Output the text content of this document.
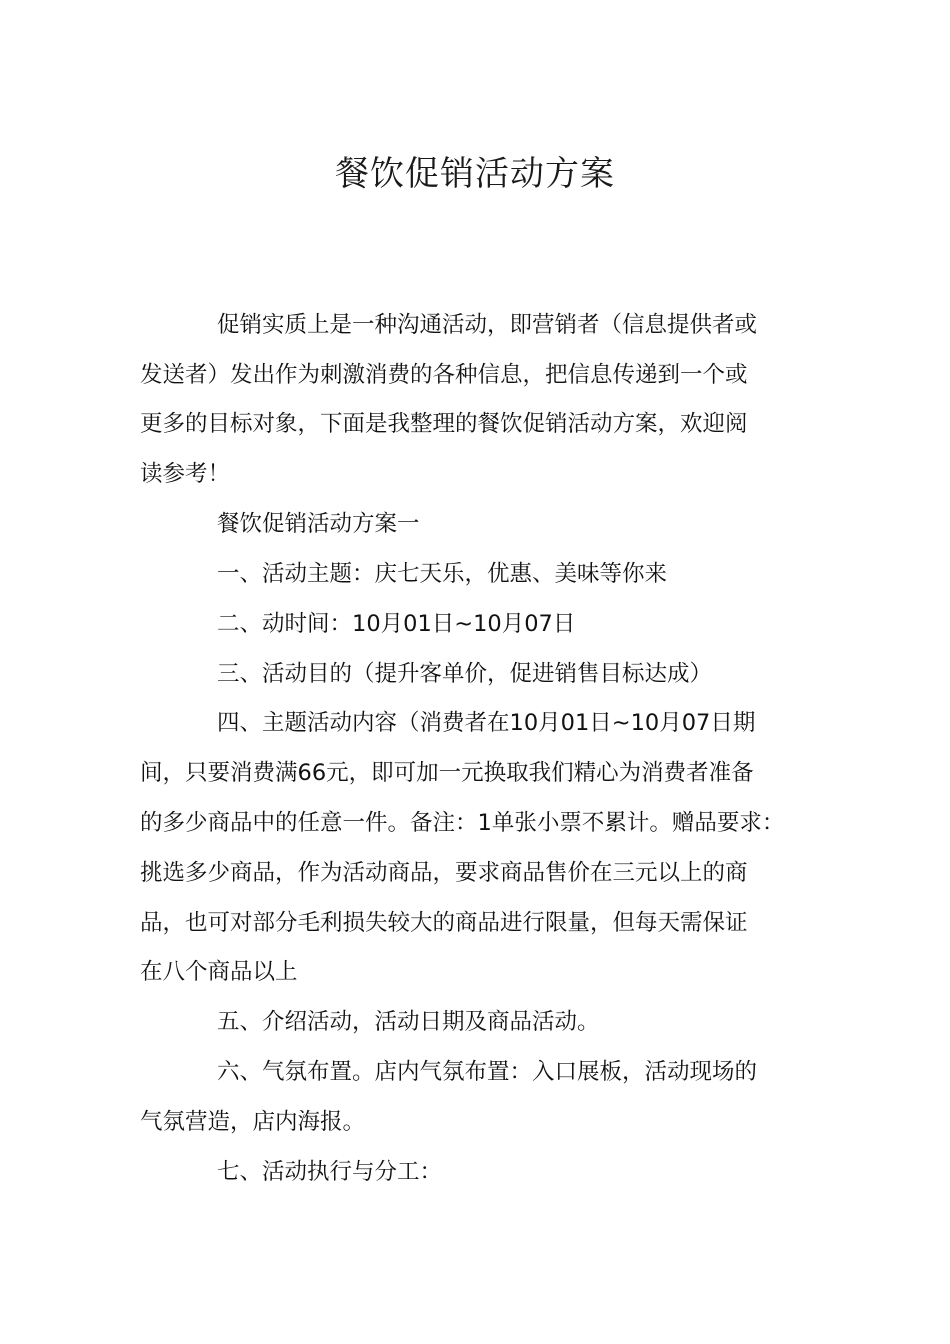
餐饮促销活动方案
促销实质上是一种沟通活动，即营销者（信息提供者或
发送者）发出作为刺激消费的各种信息，把信息传递到一个或
更多的目标对象，下面是我整理的餐饮促销活动方案，欢迎阅
读参考！
餐饮促销活动方案一
一、活动主题：庆七天乐，优惠、美味等你来
二、动时间：10月01日~10月07日
三、活动目的（提升客单价，促进销售目标达成）
四、主题活动内容（消费者在10月01日~10月07日期
间，只要消费满66元，即可加一元换取我们精心为消费者准备
的多少商品中的任意一件。备注：1单张小票不累计。赠品要求：
挑选多少商品，作为活动商品，要求商品售价在三元以上的商
品，也可对部分毛利损失较大的商品进行限量，但每天需保证
在八个商品以上
五、介绍活动，活动日期及商品活动。
六、气氛布置。店内气氛布置：入口展板，活动现场的
气氛营造，店内海报。
七、活动执行与分工：
